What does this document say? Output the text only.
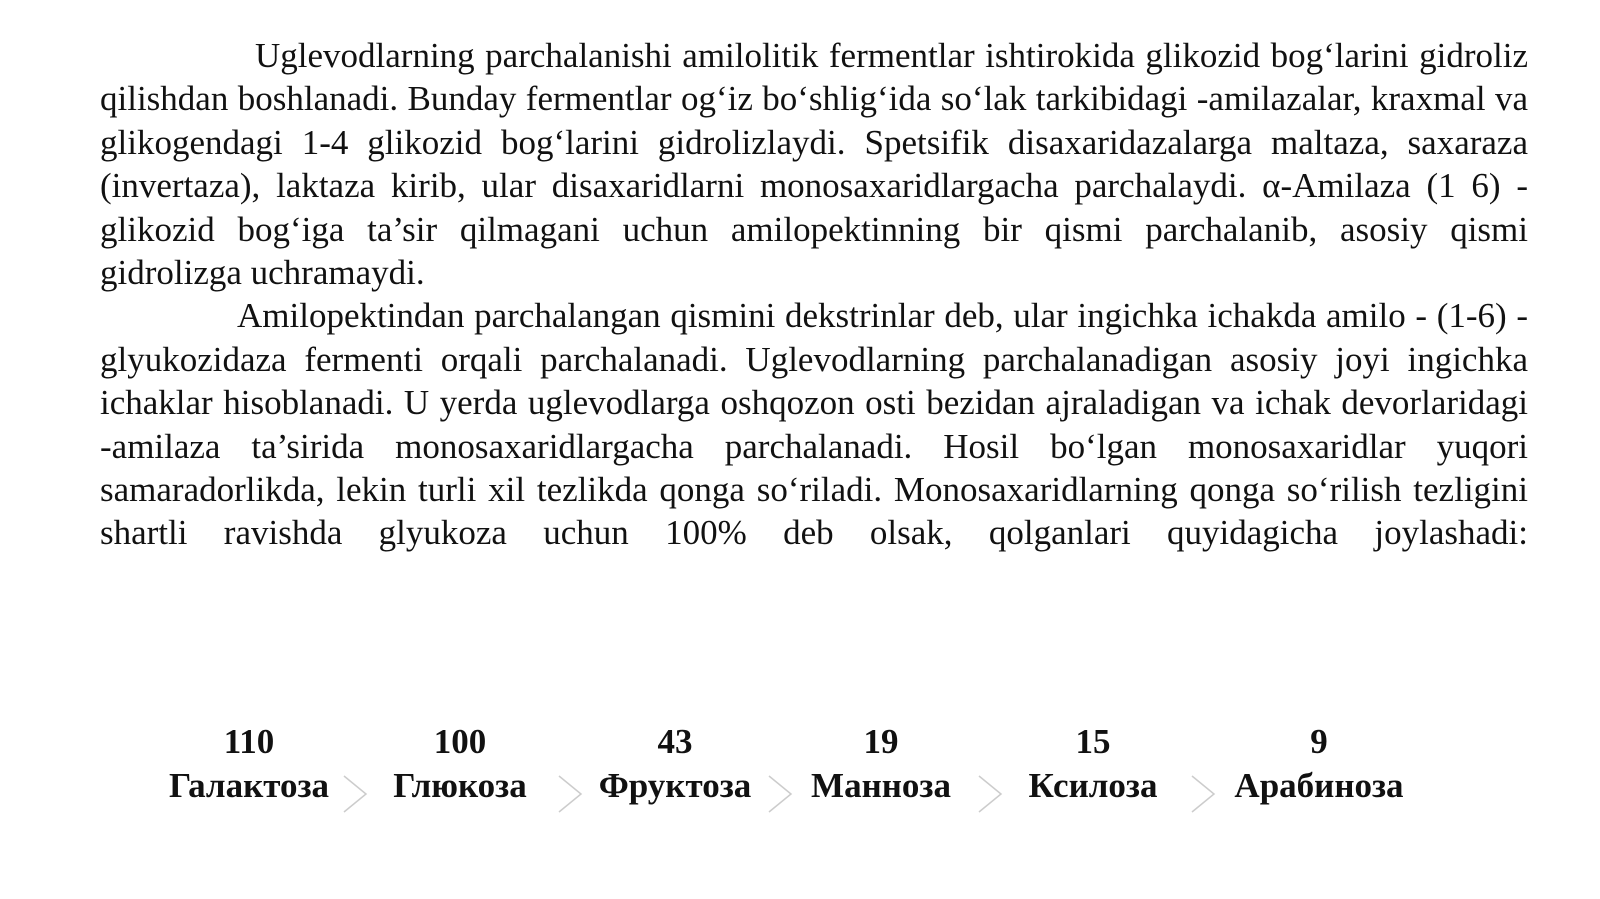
Uglevodlarning parchalanishi amilolitik fermentlar ishtirokida glikozid bog‘larini gidroliz qilishdan boshlanadi. Bunday fermentlar og‘iz bo‘shlig‘ida so‘lak tarkibidagi -amilazalar, kraxmal va glikogendagi 1-4 glikozid bog‘larini gidrolizlaydi. Spetsifik disaxaridazalarga maltaza, saxaraza (invertaza), laktaza kirib, ular disaxaridlarni monosaxaridlargacha parchalaydi. α-Amilaza (1 6) -glikozid bog‘iga ta’sir qilmagani uchun amilopektinning bir qismi parchalanib, asosiy qismi gidrolizga uchramaydi.

Amilopektindan parchalangan qismini dekstrinlar deb, ular ingichka ichakda amilo - (1-6) -glyukozidaza fermenti orqali parchalanadi. Uglevodlarning parchalanadigan asosiy joyi ingichka ichaklar hisoblanadi. U yerda uglevodlarga oshqozon osti bezidan ajraladigan va ichak devorlaridagi -amilaza ta’sirida monosaxaridlargacha parchalanadi. Hosil bo‘lgan monosaxaridlar yuqori samaradorlikda, lekin turli xil tezlikda qonga so‘riladi. Monosaxaridlarning qonga so‘rilish tezligini shartli ravishda glyukoza uchun 100% deb olsak, qolganlari quyidagicha joylashadi:

110
Галактоза
100
Глюкоза
43
Фруктоза
19
Манноза
15
Ксилоза
9
Арабиноза
